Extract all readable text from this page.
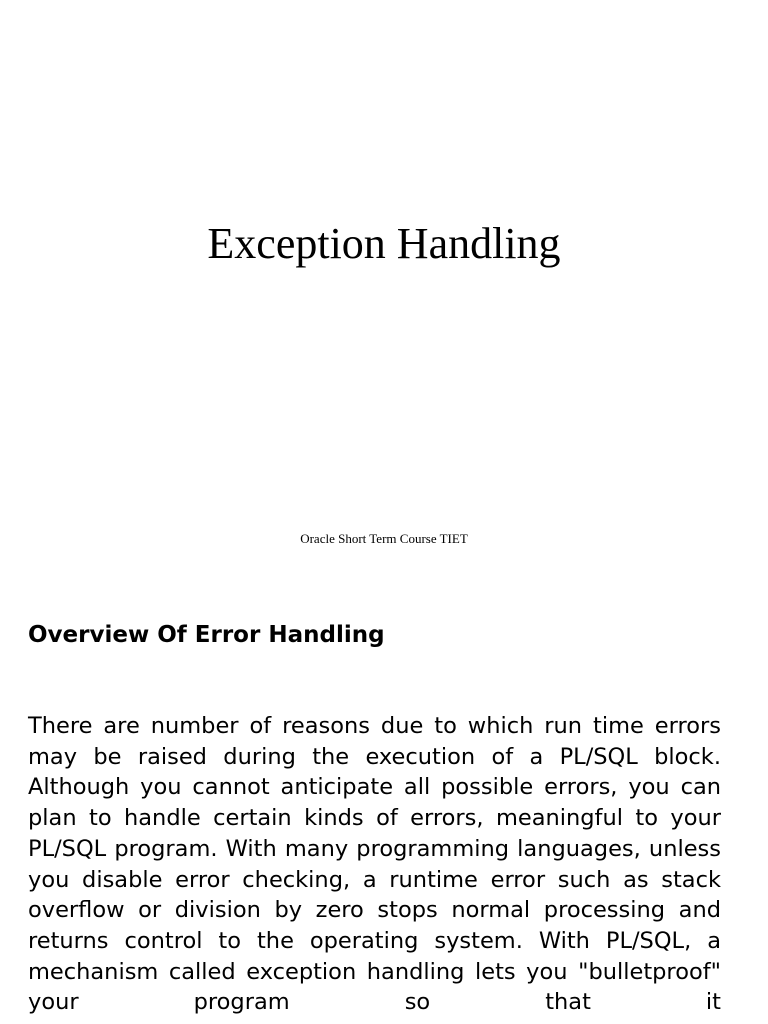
Exception Handling
Oracle Short Term Course TIET
Overview Of Error Handling

There are number of reasons due to which run time errors may be raised during the execution of a PL/SQL block. Although you cannot anticipate all possible errors, you can plan to handle certain kinds of errors, meaningful to your PL/SQL program. With many programming languages, unless you disable error checking, a runtime error such as stack overflow or division by zero stops normal processing and returns control to the operating system. With PL/SQL, a mechanism called exception handling lets you "bulletproof" your program so that it
